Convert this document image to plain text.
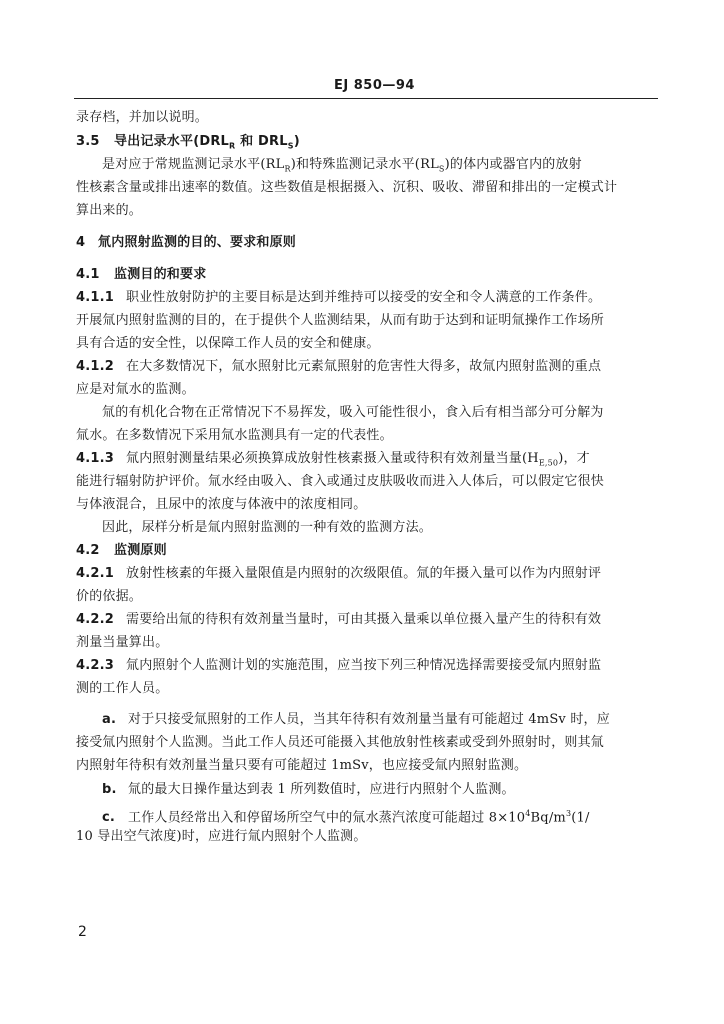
EJ 850—94
录存档，并加以说明。
3.5 导出记录水平($DRL_R$ 和 $DRL_S$)
是对应于常规监测记录水平$(RL_R)$和特殊监测记录水平$(RL_S)$的体内或器官内的放射
性核素含量或排出速率的数值。这些数值是根据摄入、沉积、吸收、滞留和排出的一定模式计
算出来的。
4 氚内照射监测的目的、要求和原则
4.1 监测目的和要求
4.1.1 职业性放射防护的主要目标是达到并维持可以接受的安全和令人满意的工作条件。
开展氚内照射监测的目的，在于提供个人监测结果，从而有助于达到和证明氚操作工作场所
具有合适的安全性，以保障工作人员的安全和健康。
4.1.2 在大多数情况下，氚水照射比元素氚照射的危害性大得多，故氚内照射监测的重点
应是对氚水的监测。
氚的有机化合物在正常情况下不易挥发，吸入可能性很小，食入后有相当部分可分解为
氚水。在多数情况下采用氚水监测具有一定的代表性。
4.1.3 氚内照射测量结果必须换算成放射性核素摄入量或待积有效剂量当量$(H_{E,50})$，才
能进行辐射防护评价。氚水经由吸入、食入或通过皮肤吸收而进入人体后，可以假定它很快
与体液混合，且尿中的浓度与体液中的浓度相同。
因此，尿样分析是氚内照射监测的一种有效的监测方法。
4.2 监测原则
4.2.1 放射性核素的年摄入量限值是内照射的次级限值。氚的年摄入量可以作为内照射评
价的依据。
4.2.2 需要给出氚的待积有效剂量当量时，可由其摄入量乘以单位摄入量产生的待积有效
剂量当量算出。
4.2.3 氚内照射个人监测计划的实施范围，应当按下列三种情况选择需要接受氚内照射监
测的工作人员。
a. 对于只接受氚照射的工作人员，当其年待积有效剂量当量有可能超过 4mSv 时，应
接受氚内照射个人监测。当此工作人员还可能摄入其他放射性核素或受到外照射时，则其氚
内照射年待积有效剂量当量只要有可能超过 1mSv，也应接受氚内照射监测。
b. 氚的最大日操作量达到表 1 所列数值时，应进行内照射个人监测。
c. 工作人员经常出入和停留场所空气中的氚水蒸汽浓度可能超过 $8\times 10^4Bq/m^3(1/$
10 导出空气浓度)时，应进行氚内照射个人监测。
2
